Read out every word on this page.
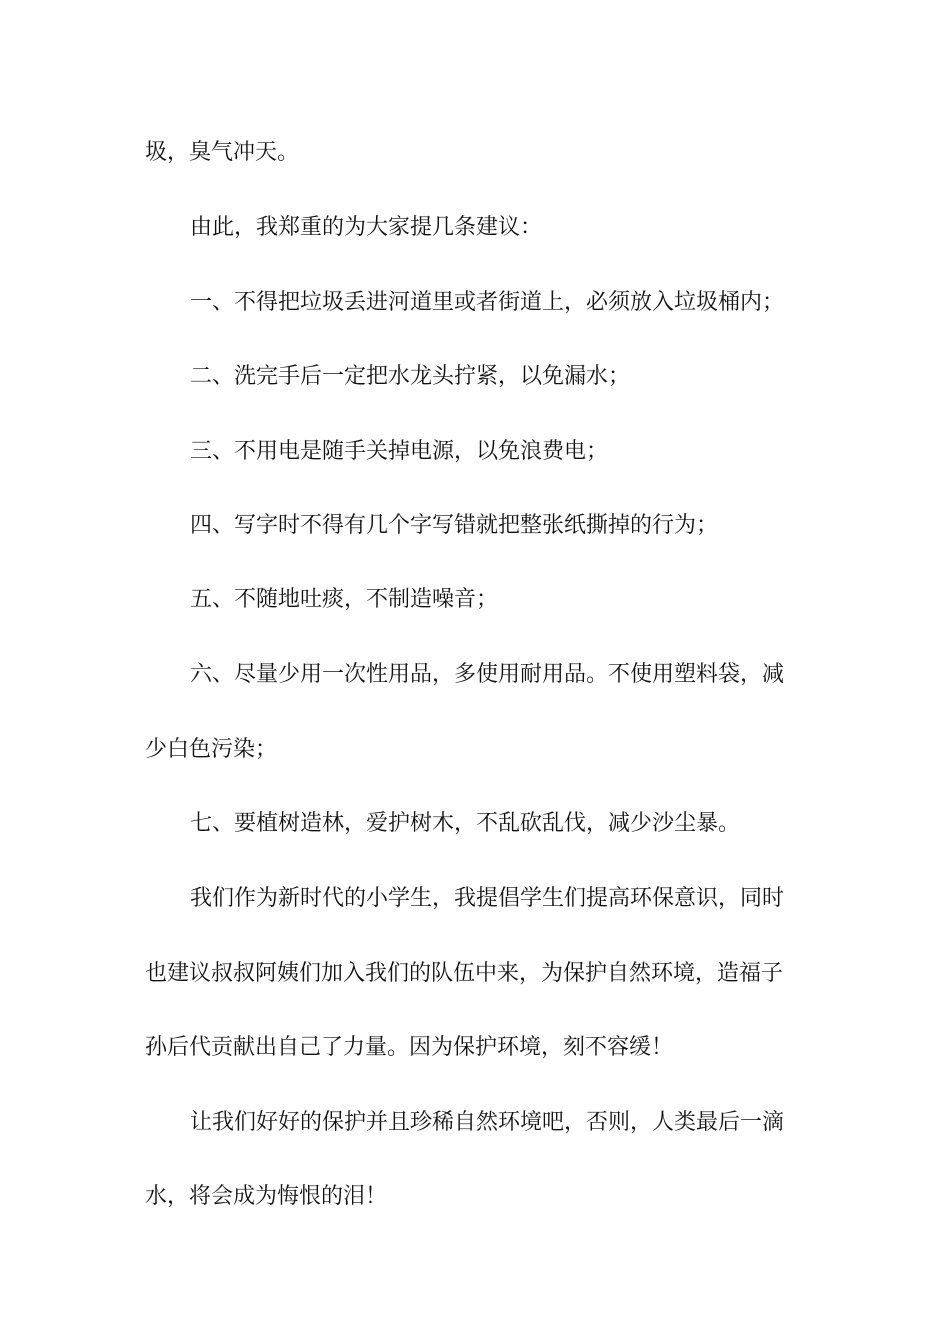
圾，臭气冲天。
由此，我郑重的为大家提几条建议：
一、不得把垃圾丢进河道里或者街道上，必须放入垃圾桶内；
二、洗完手后一定把水龙头拧紧，以免漏水；
三、不用电是随手关掉电源，以免浪费电；
四、写字时不得有几个字写错就把整张纸撕掉的行为；
五、不随地吐痰，不制造噪音；
六、尽量少用一次性用品，多使用耐用品。不使用塑料袋，减
少白色污染；
七、要植树造林，爱护树木，不乱砍乱伐，减少沙尘暴。
我们作为新时代的小学生，我提倡学生们提高环保意识，同时
也建议叔叔阿姨们加入我们的队伍中来，为保护自然环境，造福子
孙后代贡献出自己了力量。因为保护环境，刻不容缓！
让我们好好的保护并且珍稀自然环境吧，否则，人类最后一滴
水，将会成为悔恨的泪！
